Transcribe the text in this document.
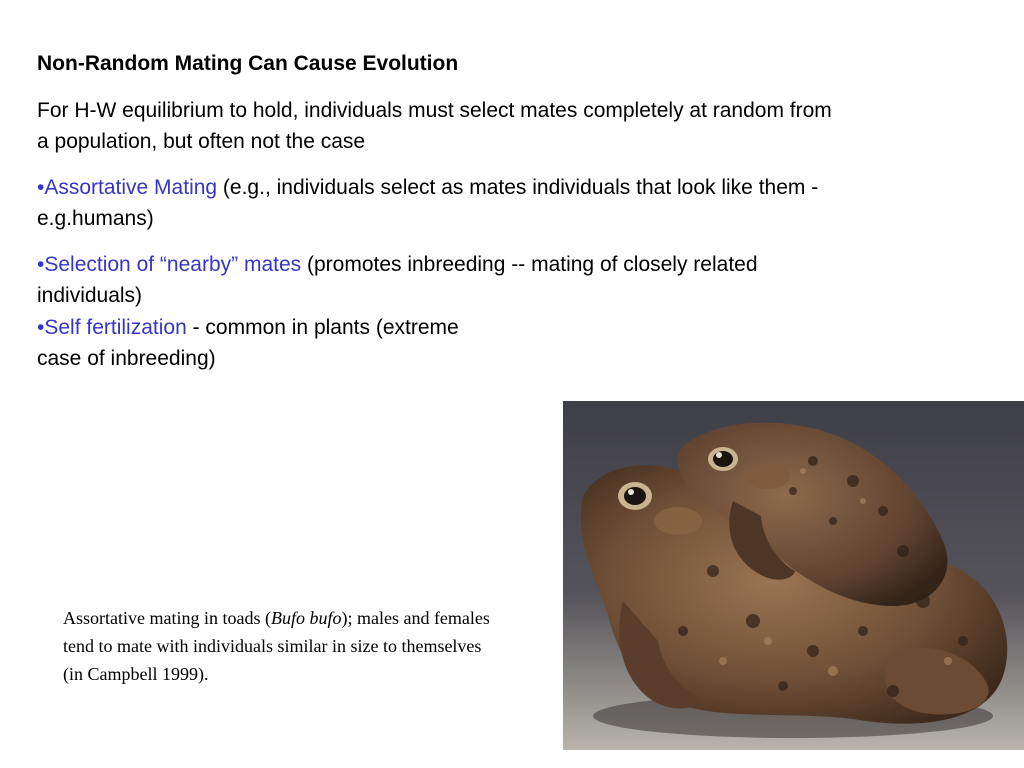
Non-Random Mating Can Cause Evolution
For H-W equilibrium to hold, individuals must select mates completely at random from a population, but often not the case
•Assortative Mating (e.g., individuals select as mates individuals that look like them - e.g.humans)
•Selection of “nearby” mates (promotes inbreeding -- mating of closely related individuals)
•Self fertilization - common in plants (extreme case of inbreeding)
Assortative mating in toads (Bufo bufo); males and females tend to mate with individuals similar in size to themselves (in Campbell 1999).
